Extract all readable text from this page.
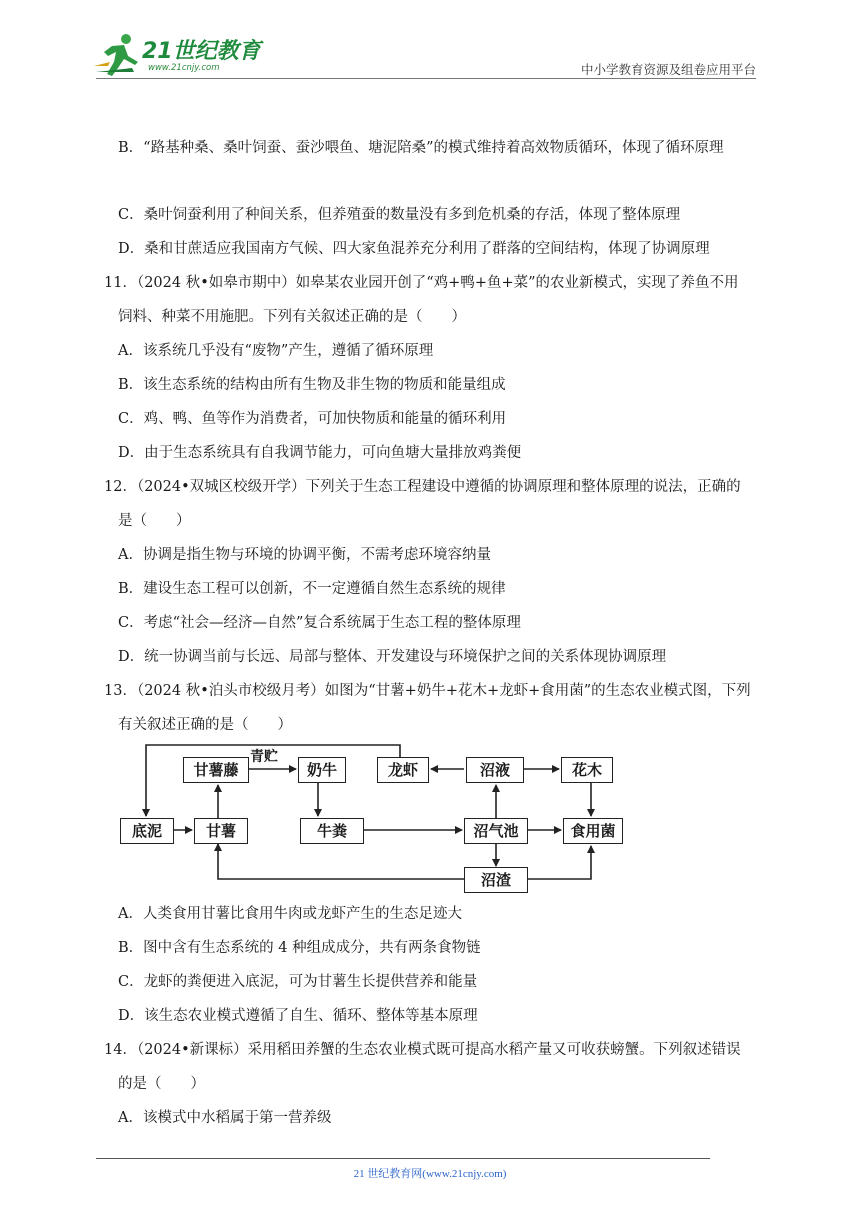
21世纪教育
www.21cnjy.com	中小学教育资源及组卷应用平台
B．“路基种桑、桑叶饲蚕、蚕沙喂鱼、塘泥陪桑”的模式维持着高效物质循环，体现了循环原理
C．桑叶饲蚕利用了种间关系，但养殖蚕的数量没有多到危机桑的存活，体现了整体原理
D．桑和甘蔗适应我国南方气候、四大家鱼混养充分利用了群落的空间结构，体现了协调原理
11．（2024 秋•如皋市期中）如皋某农业园开创了“鸡+鸭+鱼+菜”的农业新模式，实现了养鱼不用
饲料、种菜不用施肥。下列有关叙述正确的是（　　）
A．该系统几乎没有“废物”产生，遵循了循环原理
B．该生态系统的结构由所有生物及非生物的物质和能量组成
C．鸡、鸭、鱼等作为消费者，可加快物质和能量的循环利用
D．由于生态系统具有自我调节能力，可向鱼塘大量排放鸡粪便
12．（2024•双城区校级开学）下列关于生态工程建设中遵循的协调原理和整体原理的说法，正确的
是（　　）
A．协调是指生物与环境的协调平衡，不需考虑环境容纳量
B．建设生态工程可以创新，不一定遵循自然生态系统的规律
C．考虑“社会—经济—自然”复合系统属于生态工程的整体原理
D．统一协调当前与长远、局部与整体、开发建设与环境保护之间的关系体现协调原理
13．（2024 秋•泊头市校级月考）如图为“甘薯+奶牛+花木+龙虾+食用菌”的生态农业模式图，下列
有关叙述正确的是（　　）
甘薯藤
青贮
奶牛	龙虾	沼液	花木
底泥	甘薯	牛粪	沼气池	食用菌
沼渣
A．人类食用甘薯比食用牛肉或龙虾产生的生态足迹大
B．图中含有生态系统的 4 种组成成分，共有两条食物链
C．龙虾的粪便进入底泥，可为甘薯生长提供营养和能量
D．该生态农业模式遵循了自生、循环、整体等基本原理
14．（2024•新课标）采用稻田养蟹的生态农业模式既可提高水稻产量又可收获螃蟹。下列叙述错误
的是（　　）
A．该模式中水稻属于第一营养级
21 世纪教育网(www.21cnjy.com)
